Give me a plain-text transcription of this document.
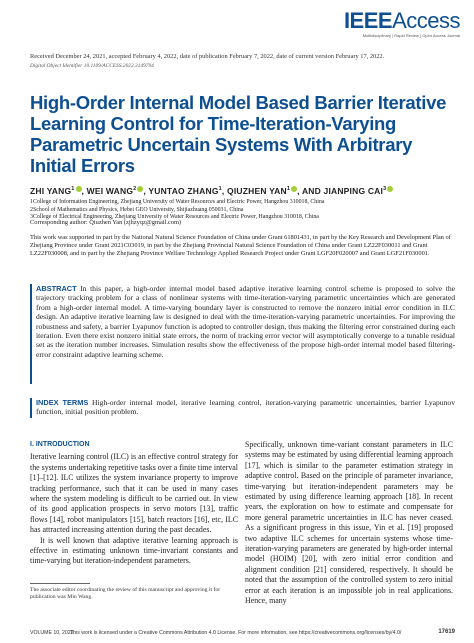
IEEEAccess
Multidisciplinary | Rapid Review | Open Access Journal
Received December 24, 2021, accepted February 4, 2022, date of publication February 7, 2022, date of current version February 17, 2022.
Digital Object Identifier 10.1109/ACCESS.2022.3149794
High-Order Internal Model Based Barrier Iterative Learning Control for Time-Iteration-Varying Parametric Uncertain Systems With Arbitrary Initial Errors
ZHI YANG$^1$ , WEI WANG$^2$ , YUNTAO ZHANG$^1$, QIUZHEN YAN$^1$ , AND JIANPING CAI$^3$
1College of Information Engineering, Zhejiang University of Water Resources and Electric Power, Hangzhou 310018, China
2School of Mathematics and Physics, Hebei GEO University, Shijiazhuang 050031, China
3College of Electrical Engineering, Zhejiang University of Water Resources and Electric Power, Hangzhou 310018, China
Corresponding author: Qiuzhen Yan (zjhzyqz@gmail.com)
This work was supported in part by the National Natural Science Foundation of China under Grant 61801431, in part by the Key Research and Development Plan of Zhejiang Province under Grant 2021C03019, in part by the Zhejiang Provincial Natural Science Foundation of China under Grant LZ22F030011 and Grant LZ22F030008, and in part by the Zhejiang Province Welfare Technology Applied Research Project under Grant LGF20F020007 and Grant LGF21F030001.
ABSTRACT In this paper, a high-order internal model based adaptive iterative learning control scheme is proposed to solve the trajectory tracking problem for a class of nonlinear systems with time-iteration-varying parametric uncertainties which are generated from a high-order internal model. A time-varying boundary layer is constructed to remove the nonzero initial error condition in ILC design. An adaptive iterative learning law is designed to deal with the time-iteration-varying parametric uncertainties. For improving the robustness and safety, a barrier Lyapunov function is adopted to controller design, thus making the filtering error constrained during each iteration. Even there exist nonzero initial state errors, the norm of tracking error vector will asymptotically converge to a tunable residual set as the iteration number increases. Simulation results show the effectiveness of the propose high-order internal model based filtering-error constraint adaptive learning scheme.
INDEX TERMS High-order internal model, iterative learning control, iteration-varying parametric uncertainties, barrier Lyapunov function, initial position problem.
I. INTRODUCTION
Iterative learning control (ILC) is an effective control strategy for the systems undertaking repetitive tasks over a finite time interval [1]–[12]. ILC utilizes the system invariance property to improve tracking performance, such that it can be used in many cases where the system modeling is difficult to be carried out. In view of its good application prospects in servo motors [13], traffic flows [14], robot manipulators [15], batch reactors [16], etc, ILC has attracted increasing attention during the past decades.
It is well known that adaptive iterative learning approach is effective in estimating unknown time-invariant constants and time-varying but iteration-independent parameters.
Specifically, unknown time-variant constant parameters in ILC systems may be estimated by using differential learning approach [17], which is similar to the parameter estimation strategy in adaptive control. Based on the principle of parameter invariance, time-varying but iteration-independent parameters may be estimated by using difference learning approach [18]. In recent years, the exploration on how to estimate and compensate for more general parametric uncertainties in ILC has never ceased. As a significant progress in this issue, Yin et al. [19] proposed two adaptive ILC schemes for uncertain systems whose time-iteration-varying parameters are generated by high-order internal model (HOIM) [20], with zero initial error condition and alignment condition [21] considered, respectively. It should be noted that the assumption of the controlled system to zero initial error at each iteration is an impossible job in real applications. Hence, many
The associate editor coordinating the review of this manuscript and approving it for publication was Min Wang.
VOLUME 10, 2022
This work is licensed under a Creative Commons Attribution 4.0 License. For more information, see https://creativecommons.org/licenses/by/4.0/	17619
